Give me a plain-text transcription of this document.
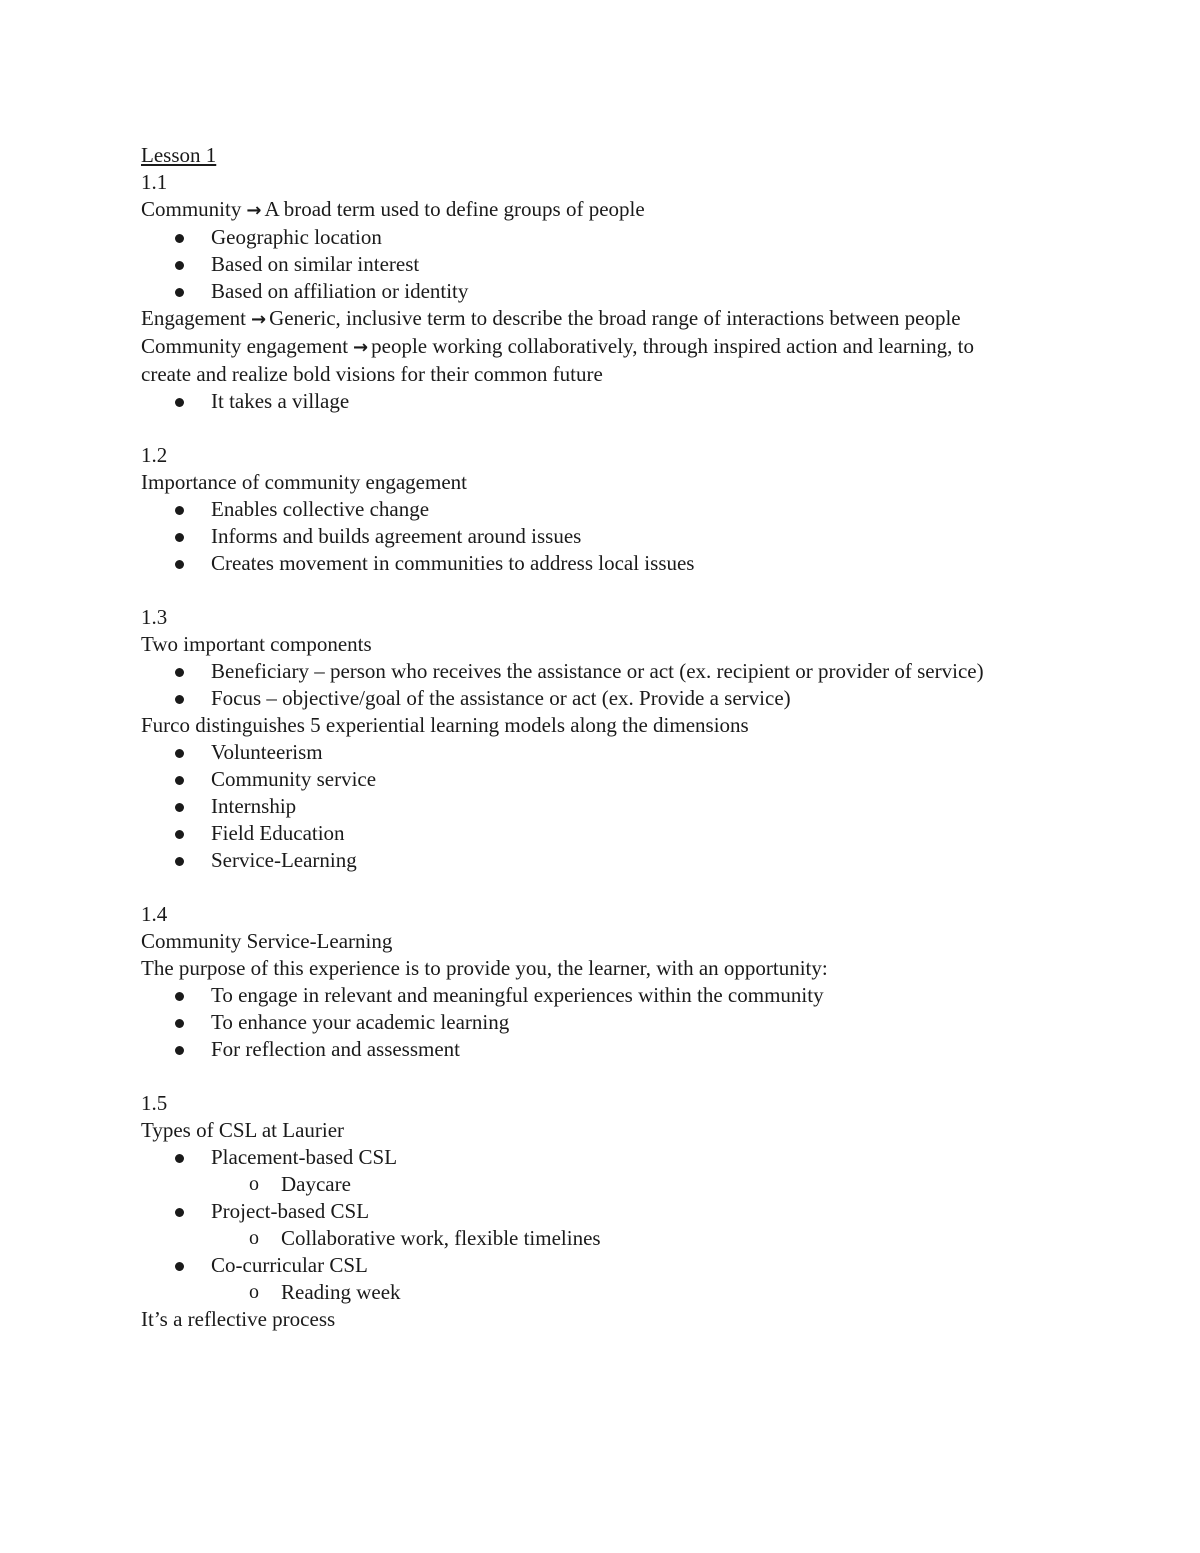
Lesson 1

1.1

Community → A broad term used to define groups of people

Geographic location
Based on similar interest
Based on affiliation or identity

Engagement → Generic, inclusive term to describe the broad range of interactions between people

Community engagement → people working collaboratively, through inspired action and learning, to create and realize bold visions for their common future

It takes a village

1.2

Importance of community engagement

Enables collective change
Informs and builds agreement around issues
Creates movement in communities to address local issues

1.3

Two important components

Beneficiary – person who receives the assistance or act (ex. recipient or provider of service)
Focus – objective/goal of the assistance or act (ex. Provide a service)

Furco distinguishes 5 experiential learning models along the dimensions

Volunteerism
Community service
Internship
Field Education
Service-Learning

1.4

Community Service-Learning

The purpose of this experience is to provide you, the learner, with an opportunity:

To engage in relevant and meaningful experiences within the community
To enhance your academic learning
For reflection and assessment

1.5

Types of CSL at Laurier

Placement-based CSL
o Daycare
Project-based CSL
o Collaborative work, flexible timelines
Co-curricular CSL
o Reading week

It’s a reflective process
